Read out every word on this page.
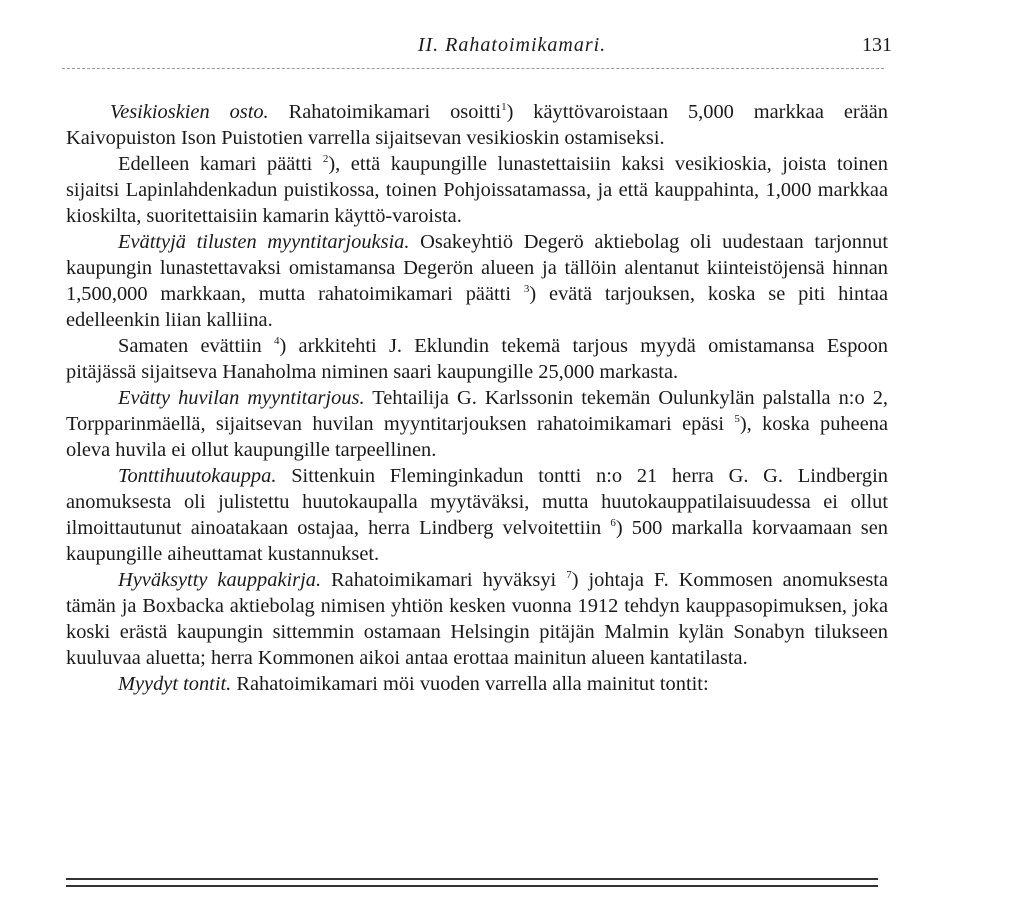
II. Rahatoimikamari.	131

Vesikioskien osto. Rahatoimikamari osoitti$^1$) käyttövaroistaan 5,000 markkaa erään Kaivopuiston Ison Puistotien varrella sijaitsevan vesikioskin ostamiseksi.

Edelleen kamari päätti $^2$), että kaupungille lunastettaisiin kaksi vesikioskia, joista toinen sijaitsi Lapinlahdenkadun puistikossa, toinen Pohjoissatamassa, ja että kauppahinta, 1,000 markkaa kioskilta, suoritettaisiin kamarin käyttö-varoista.

Evättyjä tilusten myyntitarjouksia. Osakeyhtiö Degerö aktiebolag oli uudestaan tarjonnut kaupungin lunastettavaksi omistamansa Degerön alueen ja tällöin alentanut kiinteistöjensä hinnan 1,500,000 markkaan, mutta rahatoimikamari päätti $^3$) evätä tarjouksen, koska se piti hintaa edelleenkin liian kalliina.

Samaten evättiin $^4$) arkkitehti J. Eklundin tekemä tarjous myydä omistamansa Espoon pitäjässä sijaitseva Hanaholma niminen saari kaupungille 25,000 markasta.

Evätty huvilan myyntitarjous. Tehtailija G. Karlssonin tekemän Oulunkylän palstalla n:o 2, Torpparinmäellä, sijaitsevan huvilan myyntitarjouksen rahatoimikamari epäsi $^5$), koska puheena oleva huvila ei ollut kaupungille tarpeellinen.

Tonttihuutokauppa. Sittenkuin Fleminginkadun tontti n:o 21 herra G. G. Lindbergin anomuksesta oli julistettu huutokaupalla myytäväksi, mutta huutokauppatilaisuudessa ei ollut ilmoittautunut ainoatakaan ostajaa, herra Lindberg velvoitettiin $^6$) 500 markalla korvaamaan sen kaupungille aiheuttamat kustannukset.

Hyväksytty kauppakirja. Rahatoimikamari hyväksyi $^7$) johtaja F. Kommosen anomuksesta tämän ja Boxbacka aktiebolag nimisen yhtiön kesken vuonna 1912 tehdyn kauppasopimuksen, joka koski erästä kaupungin sittemmin ostamaan Helsingin pitäjän Malmin kylän Sonabyn tilukseen kuuluvaa aluetta; herra Kommonen aikoi antaa erottaa mainitun alueen kantatilasta.

Myydyt tontit. Rahatoimikamari möi vuoden varrella alla mainitut tontit:
